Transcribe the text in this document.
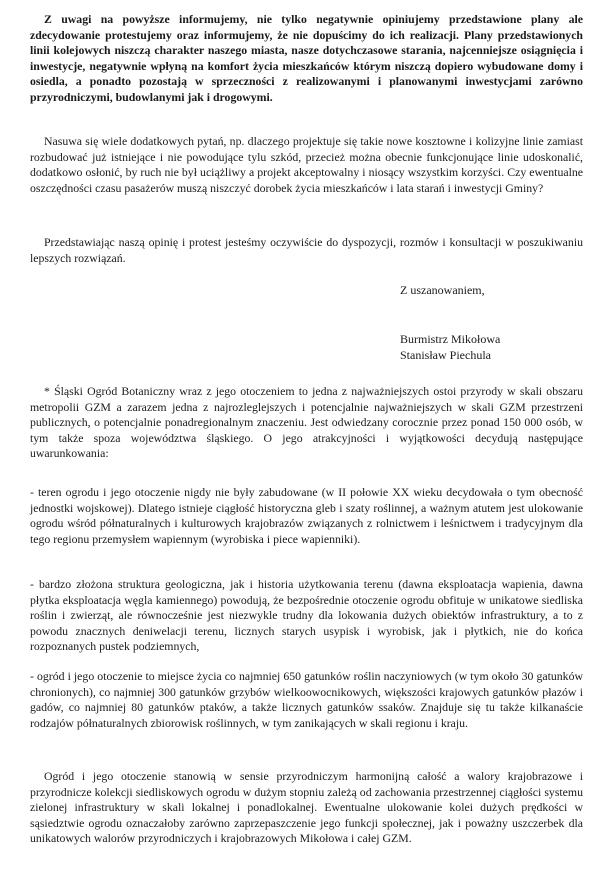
Z uwagi na powyższe informujemy, nie tylko negatywnie opiniujemy przedstawione plany ale zdecydowanie protestujemy oraz informujemy, że nie dopuścimy do ich realizacji. Plany przedstawionych linii kolejowych niszczą charakter naszego miasta, nasze dotychczasowe starania, najcenniejsze osiągnięcia i inwestycje, negatywnie wpłyną na komfort życia mieszkańców którym niszczą dopiero wybudowane domy i osiedla, a ponadto pozostają w sprzeczności z realizowanymi i planowanymi inwestycjami zarówno przyrodniczymi, budowlanymi jak i drogowymi.

Nasuwa się wiele dodatkowych pytań, np. dlaczego projektuje się takie nowe kosztowne i kolizyjne linie zamiast rozbudować już istniejące i nie powodujące tylu szkód, przecież można obecnie funkcjonujące linie udoskonalić, dodatkowo osłonić, by ruch nie był uciążliwy a projekt akceptowalny i niosący wszystkim korzyści. Czy ewentualne oszczędności czasu pasażerów muszą niszczyć dorobek życia mieszkańców i lata starań i inwestycji Gminy?

Przedstawiając naszą opinię i protest jesteśmy oczywiście do dyspozycji, rozmów i konsultacji w poszukiwaniu lepszych rozwiązań.

Z uszanowaniem,

Burmistrz Mikołowa

Stanisław Piechula

* Śląski Ogród Botaniczny wraz z jego otoczeniem to jedna z najważniejszych ostoi przyrody w skali obszaru metropolii GZM a zarazem jedna z najrozleglejszych i potencjalnie najważniejszych w skali GZM przestrzeni publicznych, o potencjalnie ponadregionalnym znaczeniu. Jest odwiedzany corocznie przez ponad 150 000 osób, w tym także spoza województwa śląskiego. O jego atrakcyjności i wyjątkowości decydują następujące uwarunkowania:

- teren ogrodu i jego otoczenie nigdy nie były zabudowane (w II połowie XX wieku decydowała o tym obecność jednostki wojskowej). Dlatego istnieje ciągłość historyczna gleb i szaty roślinnej, a ważnym atutem jest ulokowanie ogrodu wśród półnaturalnych i kulturowych krajobrazów związanych z rolnictwem i leśnictwem i tradycyjnym dla tego regionu przemysłem wapiennym (wyrobiska i piece wapienniki).

- bardzo złożona struktura geologiczna, jak i historia użytkowania terenu (dawna eksploatacja wapienia, dawna płytka eksploatacja węgla kamiennego) powodują, że bezpośrednie otoczenie ogrodu obfituje w unikatowe siedliska roślin i zwierząt, ale równocześnie jest niezwykle trudny dla lokowania dużych obiektów infrastruktury, a to z powodu znacznych deniwelacji terenu, licznych starych usypisk i wyrobisk, jak i płytkich, nie do końca rozpoznanych pustek podziemnych,

- ogród i jego otoczenie to miejsce życia co najmniej 650 gatunków roślin naczyniowych (w tym około 30 gatunków chronionych), co najmniej 300 gatunków grzybów wielkoowocnikowych, większości krajowych gatunków płazów i gadów, co najmniej 80 gatunków ptaków, a także licznych gatunków ssaków. Znajduje się tu także kilkanaście rodzajów półnaturalnych zbiorowisk roślinnych, w tym zanikających w skali regionu i kraju.

Ogród i jego otoczenie stanowią w sensie przyrodniczym harmonijną całość a walory krajobrazowe i przyrodnicze kolekcji siedliskowych ogrodu w dużym stopniu zależą od zachowania przestrzennej ciągłości systemu zielonej infrastruktury w skali lokalnej i ponadlokalnej. Ewentualne ulokowanie kolei dużych prędkości w sąsiedztwie ogrodu oznaczałoby zarówno zaprzepaszczenie jego funkcji społecznej, jak i poważny uszczerbek dla unikatowych walorów przyrodniczych i krajobrazowych Mikołowa i całej GZM.
